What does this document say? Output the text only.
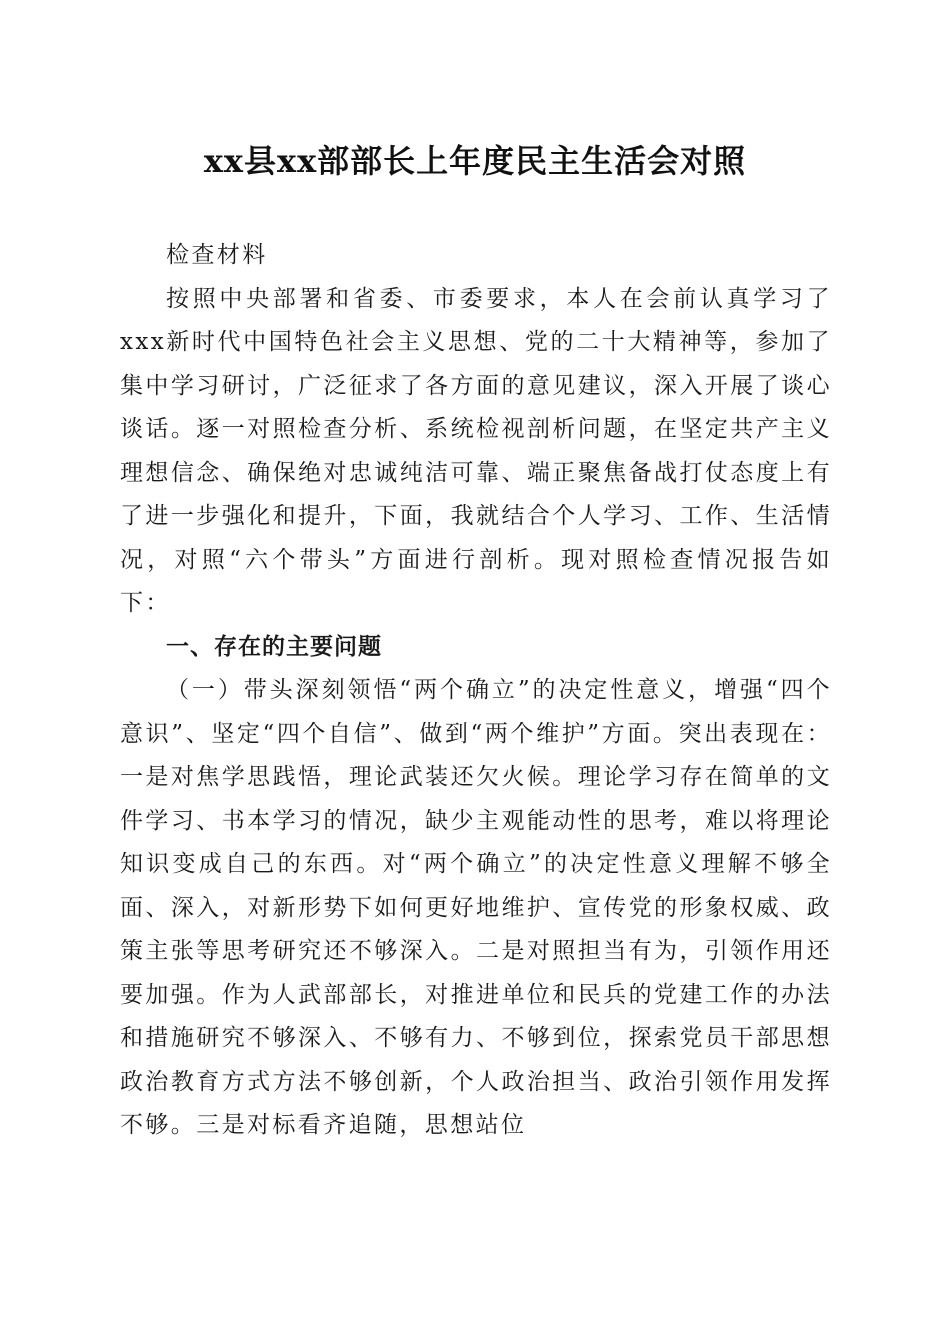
xx县xx部部长上年度民主生活会对照

检查材料

按照中央部署和省委、市委要求，本人在会前认真学习了xxx新时代中国特色社会主义思想、党的二十大精神等，参加了集中学习研讨，广泛征求了各方面的意见建议，深入开展了谈心谈话。逐一对照检查分析、系统检视剖析问题，在坚定共产主义理想信念、确保绝对忠诚纯洁可靠、端正聚焦备战打仗态度上有了进一步强化和提升，下面，我就结合个人学习、工作、生活情况，对照“六个带头”方面进行剖析。现对照检查情况报告如下：

一、存在的主要问题

（一）带头深刻领悟“两个确立”的决定性意义，增强“四个意识”、坚定“四个自信”、做到“两个维护”方面。突出表现在：一是对焦学思践悟，理论武装还欠火候。理论学习存在简单的文件学习、书本学习的情况，缺少主观能动性的思考，难以将理论知识变成自己的东西。对“两个确立”的决定性意义理解不够全面、深入，对新形势下如何更好地维护、宣传党的形象权威、政策主张等思考研究还不够深入。二是对照担当有为，引领作用还要加强。作为人武部部长，对推进单位和民兵的党建工作的办法和措施研究不够深入、不够有力、不够到位，探索党员干部思想政治教育方式方法不够创新，个人政治担当、政治引领作用发挥不够。三是对标看齐追随，思想站位
